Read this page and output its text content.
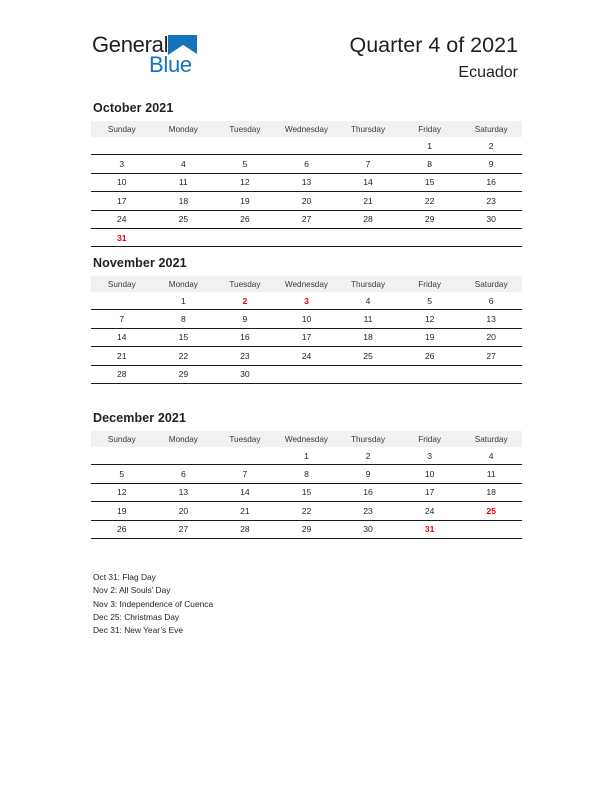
General
Blue
Quarter 4 of 2021
Ecuador
October 2021
Sunday	Monday	Tuesday	Wednesday	Thursday	Friday	Saturday
					1	2
3	4	5	6	7	8	9
10	11	12	13	14	15	16
17	18	19	20	21	22	23
24	25	26	27	28	29	30
31						
November 2021
Sunday	Monday	Tuesday	Wednesday	Thursday	Friday	Saturday
	1	2	3	4	5	6
7	8	9	10	11	12	13
14	15	16	17	18	19	20
21	22	23	24	25	26	27
28	29	30				
December 2021
Sunday	Monday	Tuesday	Wednesday	Thursday	Friday	Saturday
			1	2	3	4
5	6	7	8	9	10	11
12	13	14	15	16	17	18
19	20	21	22	23	24	25
26	27	28	29	30	31	
Oct 31: Flag Day
Nov 2: All Souls’ Day
Nov 3: Independence of Cuenca
Dec 25: Christmas Day
Dec 31: New Year’s Eve
